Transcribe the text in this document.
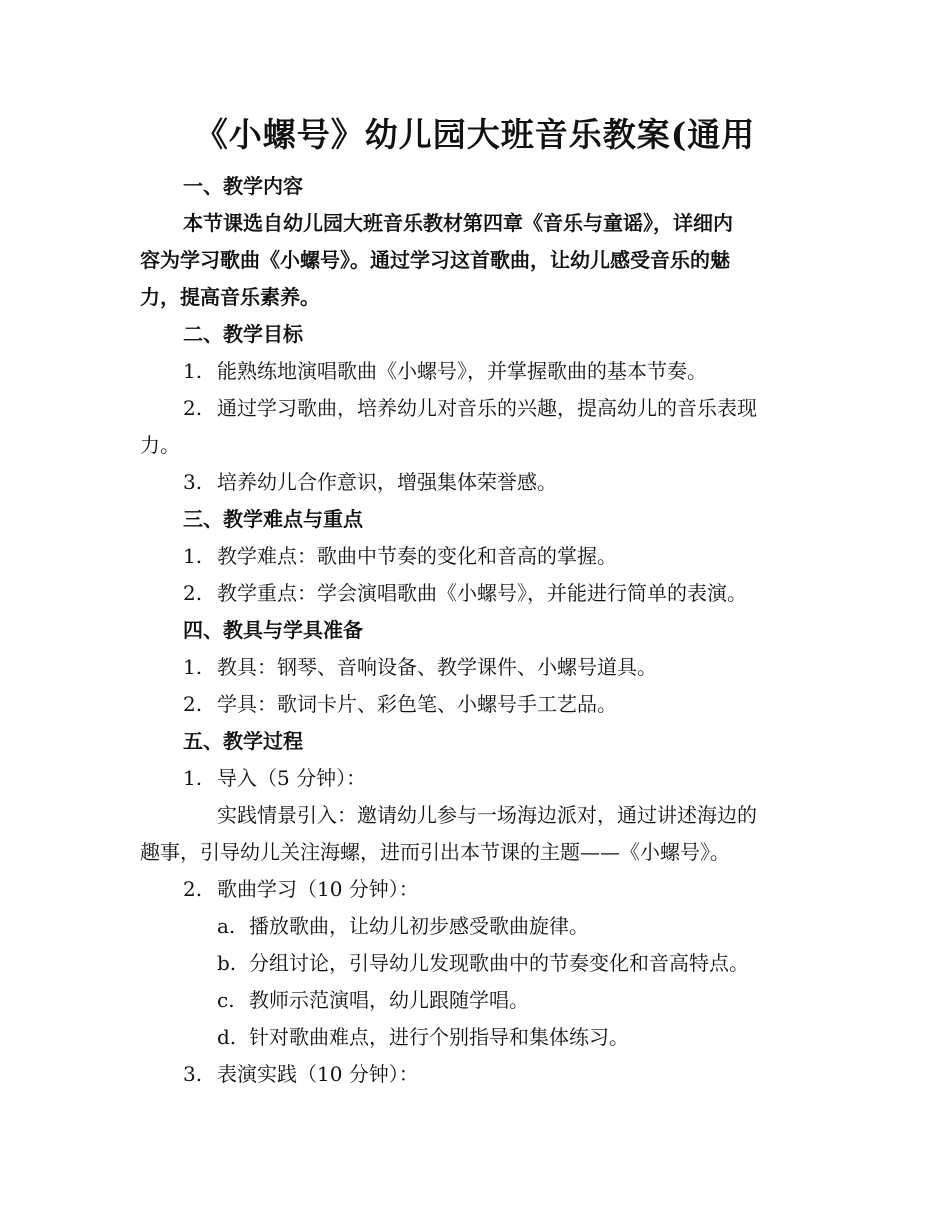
《小螺号》幼儿园大班音乐教案(通用
一、教学内容
本节课选自幼儿园大班音乐教材第四章《音乐与童谣》，详细内
容为学习歌曲《小螺号》。通过学习这首歌曲，让幼儿感受音乐的魅
力，提高音乐素养。
二、教学目标
1. 能熟练地演唱歌曲《小螺号》，并掌握歌曲的基本节奏。
2. 通过学习歌曲，培养幼儿对音乐的兴趣，提高幼儿的音乐表现
力。
3. 培养幼儿合作意识，增强集体荣誉感。
三、教学难点与重点
1. 教学难点：歌曲中节奏的变化和音高的掌握。
2. 教学重点：学会演唱歌曲《小螺号》，并能进行简单的表演。
四、教具与学具准备
1. 教具：钢琴、音响设备、教学课件、小螺号道具。
2. 学具：歌词卡片、彩色笔、小螺号手工艺品。
五、教学过程
1. 导入（5 分钟）：
实践情景引入：邀请幼儿参与一场海边派对，通过讲述海边的
趣事，引导幼儿关注海螺，进而引出本节课的主题——《小螺号》。
2. 歌曲学习（10 分钟）：
a. 播放歌曲，让幼儿初步感受歌曲旋律。
b. 分组讨论，引导幼儿发现歌曲中的节奏变化和音高特点。
c. 教师示范演唱，幼儿跟随学唱。
d. 针对歌曲难点，进行个别指导和集体练习。
3. 表演实践（10 分钟）：
